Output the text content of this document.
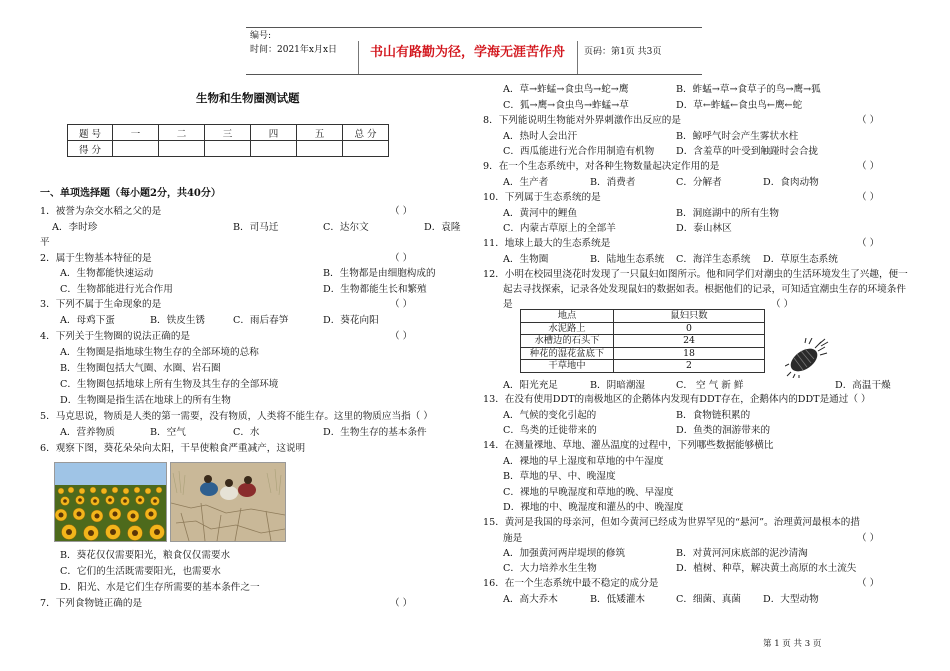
编号:
时间：2021年x月x日	书山有路勤为径，学海无涯苦作舟 页码：第1页 共3页
生物和生物圈测试题
题 号	一	二	三	四	五	总 分
得 分						
一、单项选择题（每小题2分，共40分）
1．被誉为杂交水稻之父的是	（ ）
A．李时珍	B．司马迁	C．达尔文	D．袁隆
平
2．属于生物基本特征的是	（ ）
A．生物都能快速运动	B．生物都是由细胞构成的
C．生物都能进行光合作用	D．生物都能生长和繁殖
3．下列不属于生命现象的是	（ ）
A．母鸡下蛋	B．铁皮生锈	C．雨后春笋	D．葵花向阳
4．下列关于生物圈的说法正确的是	（ ）
A．生物圈是指地球生物生存的全部环境的总称
B．生物圈包括大气圈、水圈、岩石圈
C．生物圈包括地球上所有生物及其生存的全部环境
D．生物圈是指生活在地球上的所有生物
5．马克思说，物质是人类的第一需要，没有物质，人类将不能生存。这里的物质应当指（ ）
A．营养物质	B．空气	C．水	D．生物生存的基本条件
6．观察下图，葵花朵朵向太阳，干旱使粮食严重减产，这说明
B．葵花仅仅需要阳光，粮食仅仅需要水
C．它们的生活既需要阳光，也需要水
D．阳光、水是它们生存所需要的基本条件之一
7．下列食物链正确的是	（ ）
A．草→蚱蜢→食虫鸟→蛇→鹰	B．蚱蜢→草→食草子的鸟→鹰→狐
C．狐→鹰→食虫鸟→蚱蜢→草	D．草←蚱蜢←食虫鸟←鹰←蛇
8．下列能说明生物能对外界刺激作出反应的是	（ ）
A．热时人会出汗	B．鲸呼气时会产生雾状水柱
C．西瓜能进行光合作用制造有机物 D．含羞草的叶受到触踫时会合拢
9．在一个生态系统中，对各种生物数量起决定作用的是	（ ）
A．生产者	B．消费者	C．分解者	D．食肉动物
10．下列属于生态系统的是	（ ）
A．黄河中的鲤鱼	B．洞庭湖中的所有生物
C．内蒙古草原上的全部羊	D．泰山林区
11．地球上最大的生态系统是	（ ）
A．生物圈	B．陆地生态系统 C．海洋生态系统 D．草原生态系统
12．小明在校园里浇花时发现了一只鼠妇如图所示。他和同学们对潮虫的生活环境发生了兴趣，便一
起去寻找探索，记录各处发现鼠妇的数据如表。根据他们的记录，可知适宜潮虫生存的环境条件
是	（ ）
地点	鼠妇只数
水泥路上	0
水槽边的石头下	24
种花的湿花盆底下	18
干草地中	2
A．阳光充足	B．阴暗潮湿	C． 空 气 新 鲜	D．高温干燥
13．在没有使用DDT的南极地区的企鹅体内发现有DDT存在，企鹅体内的DDT是通过（ ）
A．气候的变化引起的	B．食物链积累的
C．鸟类的迁徙带来的	D．鱼类的洄游带来的
14．在测量裸地、草地、灌丛温度的过程中，下列哪些数据能够横比
A．裸地的早上湿度和草地的中午湿度
B．草地的早、中、晚湿度
C．裸地的早晚湿度和草地的晚、早湿度
D．裸地的中、晚湿度和灌丛的中、晚湿度
15．黄河是我国的母亲河，但如今黄河已经成为世界罕见的“悬河”。治理黄河最根本的措
施是	（ ）
A．加强黄河两岸堤坝的修筑	B．对黄河河床底部的泥沙清淘
C．大力培养水生生物	D．植树、种草，解决黄土高原的水土流失
16．在一个生态系统中最不稳定的成分是	（ ）
A．高大乔木	B．低矮灌木	C．细菌、真菌 D．大型动物
第 1 页 共 3 页
